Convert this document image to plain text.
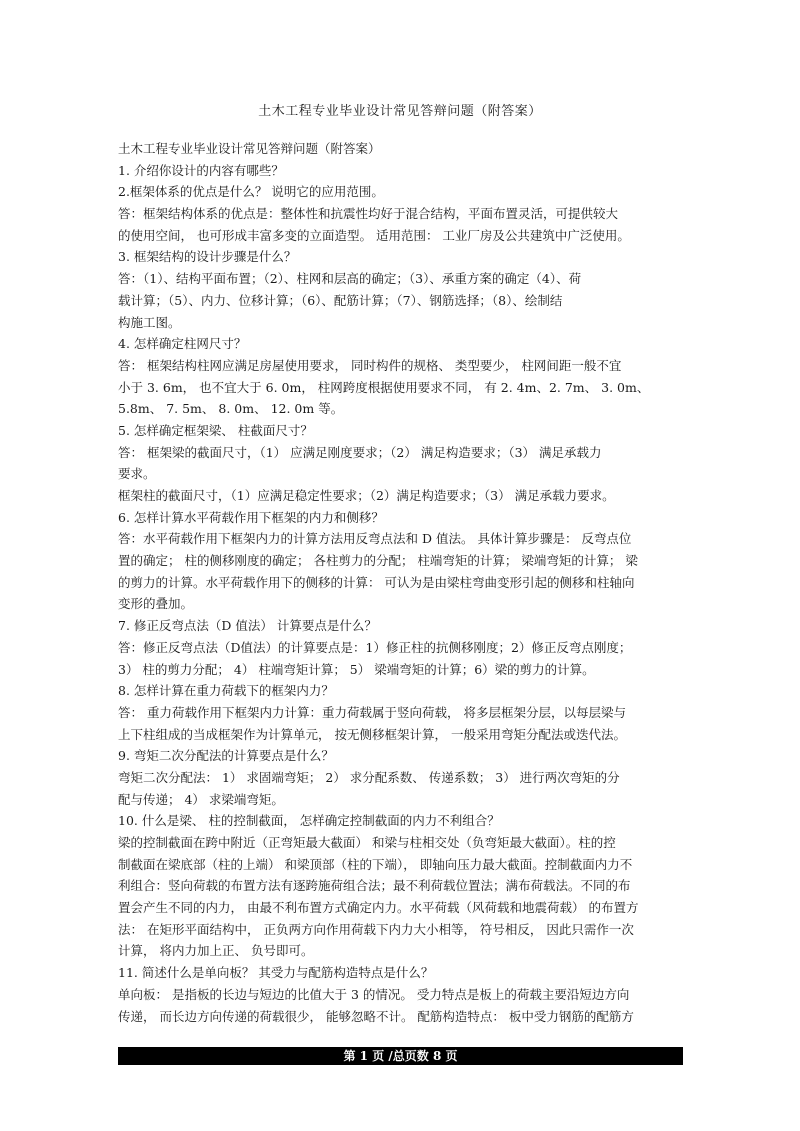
土木工程专业毕业设计常见答辩问题（附答案）
土木工程专业毕业设计常见答辩问题（附答案）
1. 介绍你设计的内容有哪些？
2.框架体系的优点是什么？ 说明它的应用范围。
答：框架结构体系的优点是：整体性和抗震性均好于混合结构，平面布置灵活，可提供较大
的使用空间， 也可形成丰富多变的立面造型。 适用范围： 工业厂房及公共建筑中广泛使用。
3. 框架结构的设计步骤是什么？
答：（1）、结构平面布置；（2）、柱网和层高的确定；（3）、承重方案的确定（4）、荷
载计算；（5）、内力、位移计算；（6）、配筋计算；（7）、钢筋选择；（8）、绘制结
构施工图。
4. 怎样确定柱网尺寸？
答： 框架结构柱网应满足房屋使用要求， 同时构件的规格、 类型要少， 柱网间距一般不宜
小于 3. 6m， 也不宜大于 6. 0m， 柱网跨度根据使用要求不同， 有 2. 4m、2. 7m、 3. 0m、
5.8m、 7. 5m、 8. 0m、 12. 0m 等。
5. 怎样确定框架梁、 柱截面尺寸？
答： 框架梁的截面尺寸，（1） 应满足刚度要求；（2） 满足构造要求；（3） 满足承载力
要求。
框架柱的截面尺寸，（1）应满足稳定性要求；（2）满足构造要求；（3） 满足承载力要求。
6. 怎样计算水平荷载作用下框架的内力和侧移？
答：水平荷载作用下框架内力的计算方法用反弯点法和 D 值法。 具体计算步骤是： 反弯点位
置的确定； 柱的侧移刚度的确定； 各柱剪力的分配； 柱端弯矩的计算； 梁端弯矩的计算； 梁
的剪力的计算。水平荷载作用下的侧移的计算： 可认为是由梁柱弯曲变形引起的侧移和柱轴向
变形的叠加。
7. 修正反弯点法（D 值法） 计算要点是什么？
答：修正反弯点法（D值法）的计算要点是：1）修正柱的抗侧移刚度；2）修正反弯点刚度；
3） 柱的剪力分配； 4） 柱端弯矩计算； 5） 梁端弯矩的计算；6）梁的剪力的计算。
8. 怎样计算在重力荷载下的框架内力？
答： 重力荷载作用下框架内力计算：重力荷载属于竖向荷载， 将多层框架分层，以每层梁与
上下柱组成的当成框架作为计算单元， 按无侧移框架计算， 一般采用弯矩分配法或迭代法。
9. 弯矩二次分配法的计算要点是什么？
弯矩二次分配法： 1） 求固端弯矩； 2） 求分配系数、 传递系数； 3） 进行两次弯矩的分
配与传递； 4） 求梁端弯矩。
10. 什么是梁、 柱的控制截面， 怎样确定控制截面的内力不利组合？
梁的控制截面在跨中附近（正弯矩最大截面） 和梁与柱相交处（负弯矩最大截面）。柱的控
制截面在梁底部（柱的上端） 和梁顶部（柱的下端）， 即轴向压力最大截面。控制截面内力不
利组合：竖向荷载的布置方法有逐跨施荷组合法；最不利荷载位置法；满布荷载法。不同的布
置会产生不同的内力， 由最不利布置方式确定内力。水平荷载（风荷载和地震荷载） 的布置方
法： 在矩形平面结构中， 正负两方向作用荷载下内力大小相等， 符号相反， 因此只需作一次
计算， 将内力加上正、 负号即可。
11. 简述什么是单向板？ 其受力与配筋构造特点是什么？
单向板： 是指板的长边与短边的比值大于 3 的情况。 受力特点是板上的荷载主要沿短边方向
传递， 而长边方向传递的荷载很少， 能够忽略不计。 配筋构造特点： 板中受力钢筋的配筋方
第 1 页 /总页数 8 页
